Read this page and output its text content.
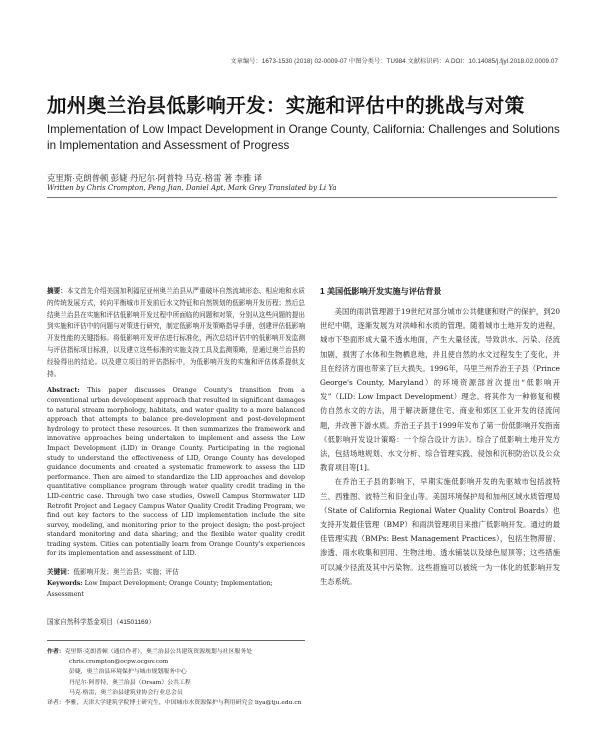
文章编号：1673-1530 (2018) 02-0009-07 中图分类号：TU984 文献标识码：A DOI：10.14085/j.fjyl.2018.02.0009.07
加州奥兰治县低影响开发：实施和评估中的挑战与对策
Implementation of Low Impact Development in Orange County, California: Challenges and Solutions in Implementation and Assessment of Progress
克里斯·克朗普顿 彭婕 丹尼尔·阿普特 马克·格雷 著 李雅 译
Written by Chris Crompton, Peng Jian, Daniel Apt, Mark Grey Translated by Li Ya

摘要：本文首先介绍美国加利福尼亚州奥兰治县从严重破坏自然流域形态、相应地和水质的传统发展方式，转向平衡城市开发前后水文特征和自然规划的低影响开发历程；然后总结奥兰治县在实施和评估低影响开发过程中所面临的问题和对策，分别从这些问题的提出到实施和评估中的问题与对策进行研究，制定低影响开发策略指导手册，创建评估低影响开发性能的关键指标。将低影响开发评估进行标准化，两次总结评估中的低影响开发监测与评估指标项目标准，以及建立这些标准的实施支持工具及监测策略，是通过奥兰治县的经验得出的结论。以及建立项目的评估指标中，为低影响开发的实施和评估体系提供支持。

Abstract: This paper discusses Orange County's transition from a conventional urban development approach that resulted in significant damages to natural stream morphology, habitats, and water quality to a more balanced approach that attempts to balance pre-development and post-development hydrology to protect these resources. It then summarizes the framework and innovative approaches being undertaken to implement and assess the Low Impact Development (LID) in Orange County. Participating in the regional study to understand the effectiveness of LID, Orange County has developed guidance documents and created a systematic framework to assess the LID performance. Then are aimed to standardize the LID approaches and develop quantitative compliance program through water quality credit trading in the LID-centric case. Through two case studies, Oswell Campus Stormwater LID Retrofit Project and Legacy Campus Water Quality Credit Trading Program, we find out key factors to the success of LID implementation include the site survey, modeling, and monitoring prior to the project design; the post-project standard monitoring and data sharing; and the flexible water quality credit trading system. Cities can potentially learn from Orange County's experiences for its implementation and assessment of LID.

关键词：低影响开发；奥兰治县；实施；评估

Keywords: Low Impact Development; Orange County; Implementation; Assessment

国家自然科学基金项目（41501169）

作者：克里斯·克朗普顿（通信作者），奥兰治县公共建筑资源规划与社区服务处
chris.crompton@ocpw.ocgov.com
彭婕，奥兰治县环境保护与城市规划服务中心
丹尼尔·阿普特，奥兰治县（Orsam）公共工程
马克·格雷，奥兰治县建筑业协会行业总会员
译者：李雅，天津大学建筑学院博士研究生，中国城市水资源保护与利用研究会 liya@tju.edu.cn

1 美国低影响开发实施与评估背景

美国的雨洪管理源于19世纪对部分城市公共健康和财产的保护，到20世纪中期，逐渐发展为对洪峰和水质的管理。随着城市土地开发的进程，城市下垫面形成大量不透水地面，产生大量径流，导致洪水、污染、径流加剧，损害了水体和生物栖息地，并且使自然的水文过程发生了变化，并且在经济方面也带来了巨大损失。1996年，马里兰州乔治王子县（Prince George's County, Maryland）的环境资源部首次提出“低影响开发”（LID: Low Impact Development）理念。将其作为一种修复和模仿自然水文的方法，用于解决新建住宅、商业和郊区工业开发的径流问题，并改善下游水质。乔治王子县于1999年发布了第一份低影响开发指南《低影响开发设计策略：一个综合设计方法》。综合了低影响土地开发方法，包括场地规划、水文分析、综合管理实践、侵蚀和沉积防治以及公众教育项目等[1]。

在乔治王子县的影响下，早期实施低影响开发的先驱城市包括波特兰、西雅图、波特兰和旧金山等。美国环境保护局和加州区域水质管理局（State of California Regional Water Quality Control Boards）也支持开发最佳管理（BMP）和雨洪管理项目来推广低影响开发。通过的最佳管理实践（BMPs: Best Management Practices），包括生物滞留、渗透、雨水收集和回用、生物洼地、透水铺装以及绿色屋顶等；这些措施可以减少径流及其中污染物。这些措施可以被统一为一体化的低影响开发生态系统。
